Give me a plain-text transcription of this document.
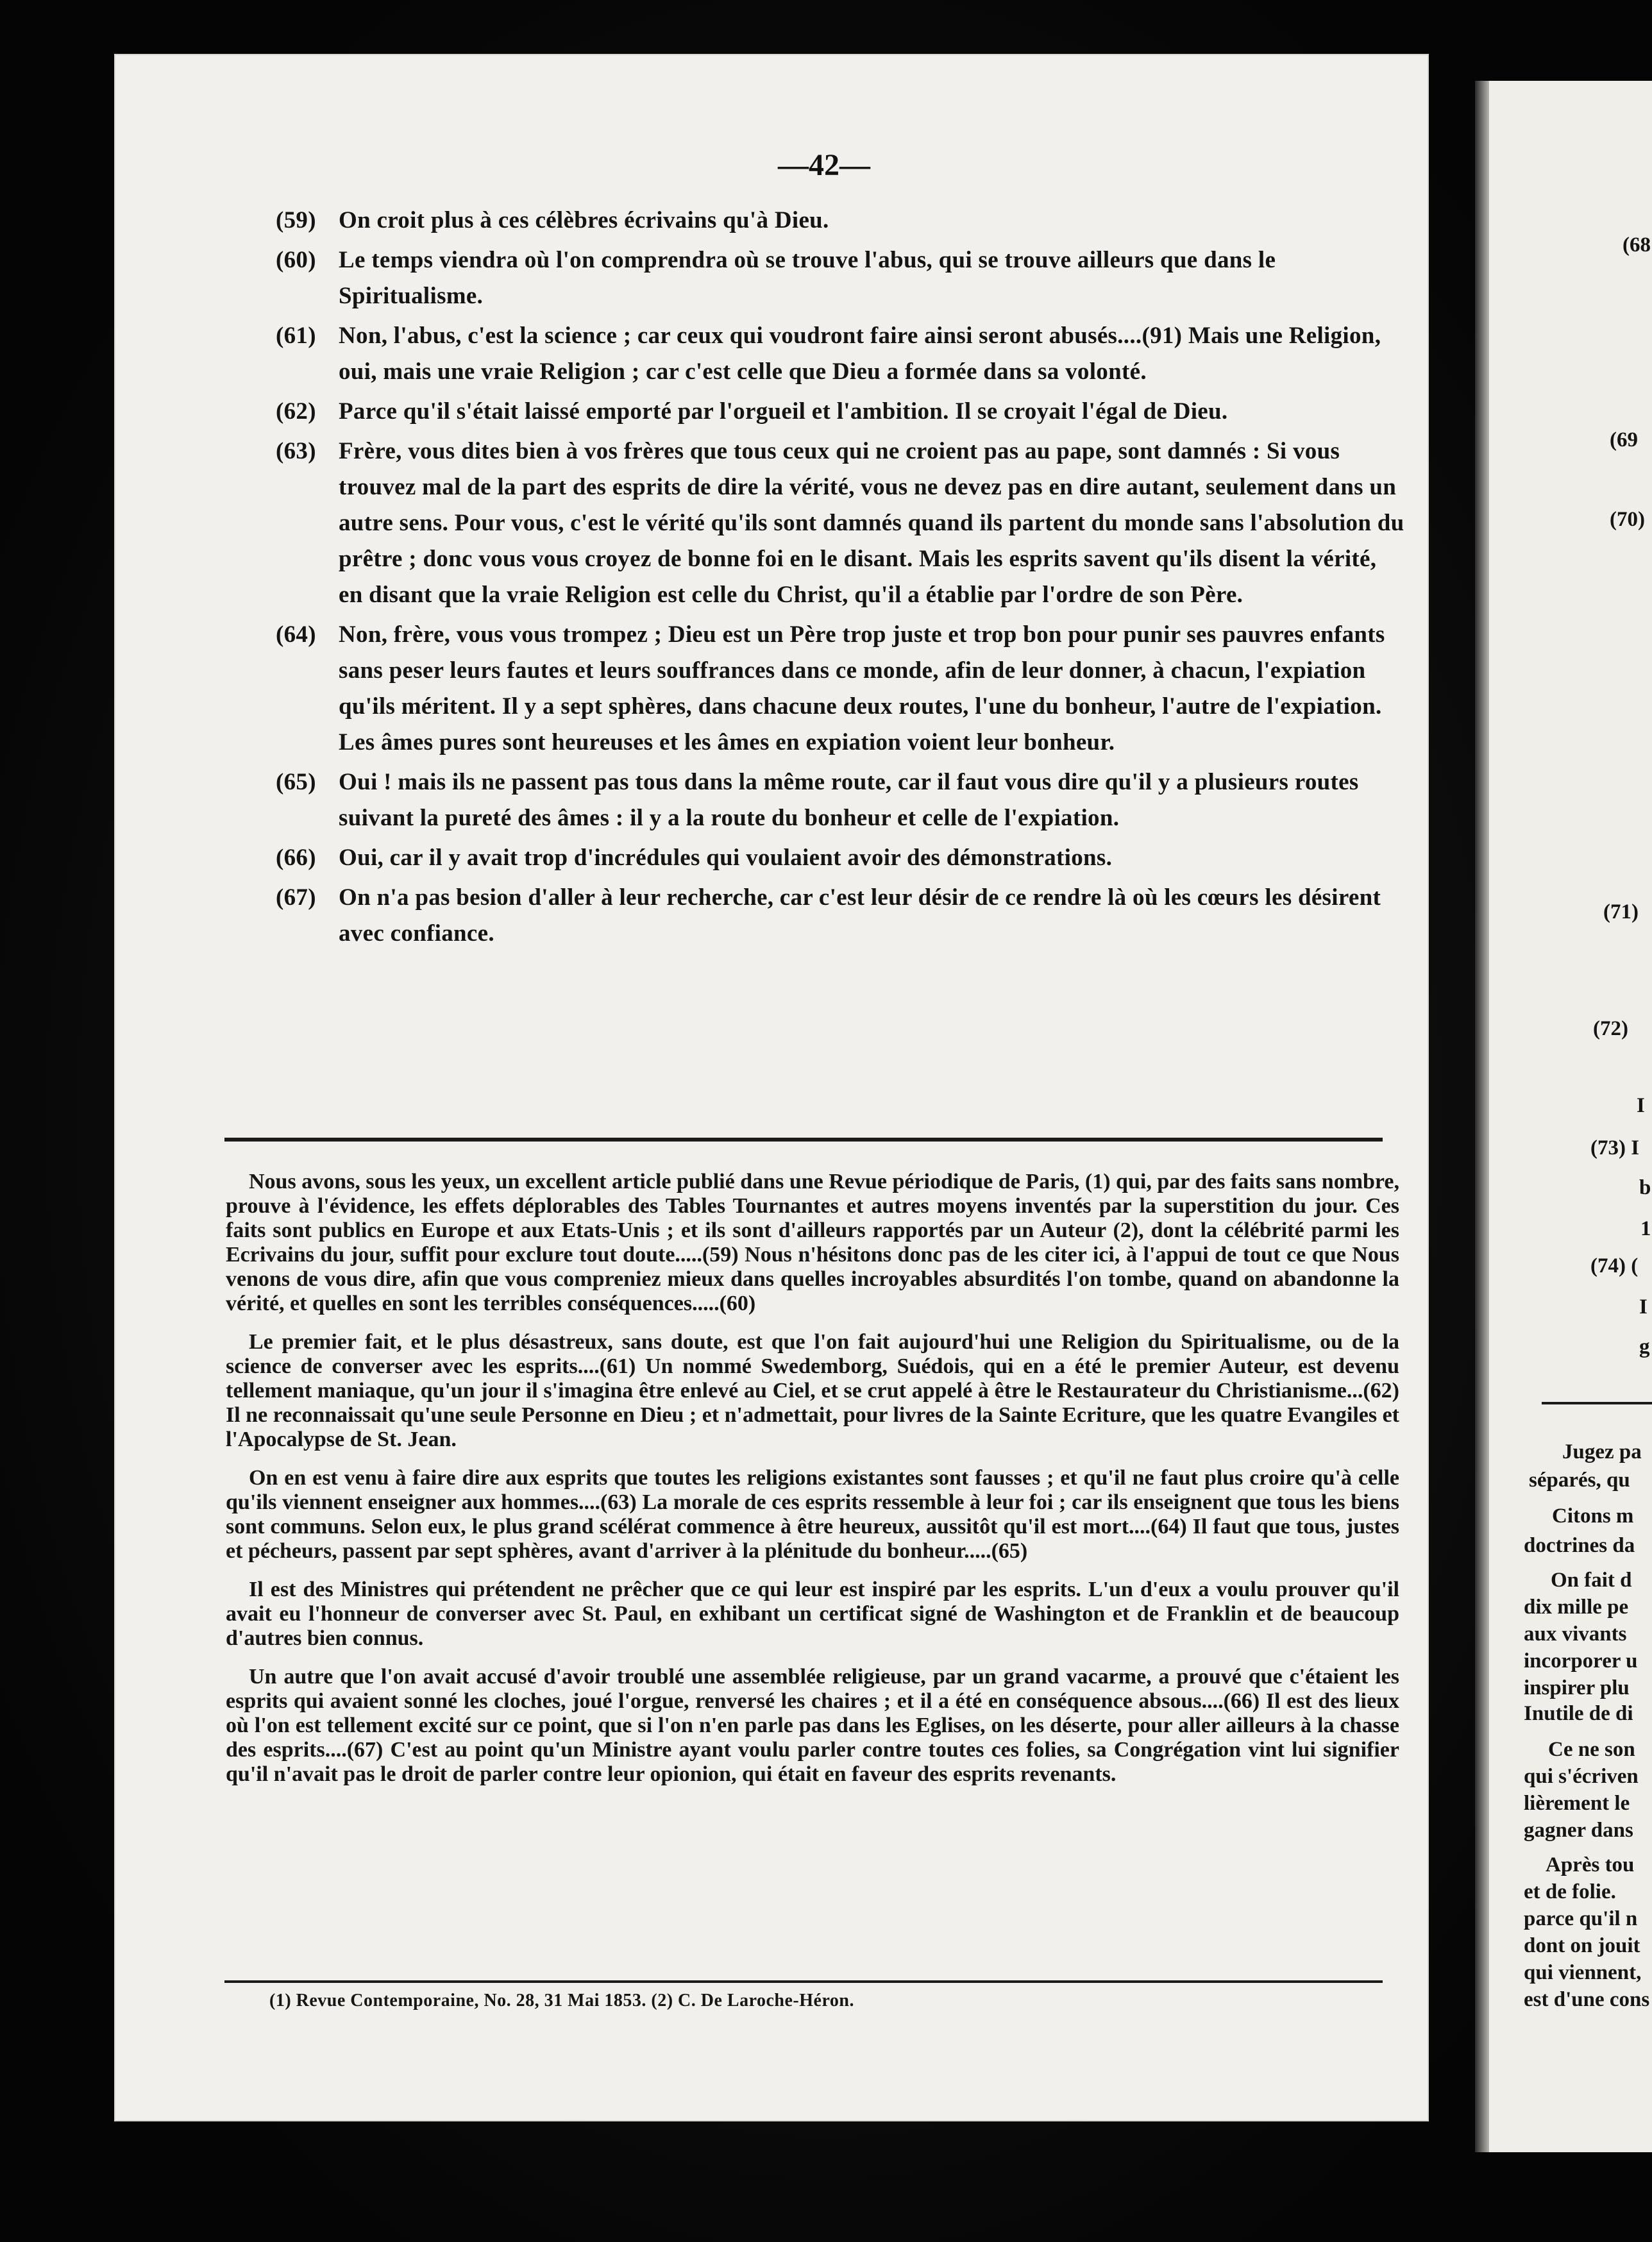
—42—
(59) On croit plus à ces célèbres écrivains qu'à Dieu.
(60) Le temps viendra où l'on comprendra où se trouve l'abus, qui se trouve ailleurs que dans le Spiritualisme.
(61) Non, l'abus, c'est la science ; car ceux qui voudront faire ainsi seront abusés....(91) Mais une Religion, oui, mais une vraie Religion ; car c'est celle que Dieu a formée dans sa volonté.
(62) Parce qu'il s'était laissé emporté par l'orgueil et l'ambition. Il se croyait l'égal de Dieu.
(63) Frère, vous dites bien à vos frères que tous ceux qui ne croient pas au pape, sont damnés : Si vous trouvez mal de la part des esprits de dire la vérité, vous ne devez pas en dire autant, seulement dans un autre sens. Pour vous, c'est le vérité qu'ils sont damnés quand ils partent du monde sans l'absolution du prêtre ; donc vous vous croyez de bonne foi en le disant. Mais les esprits savent qu'ils disent la vérité, en disant que la vraie Religion est celle du Christ, qu'il a établie par l'ordre de son Père.
(64) Non, frère, vous vous trompez ; Dieu est un Père trop juste et trop bon pour punir ses pauvres enfants sans peser leurs fautes et leurs souffrances dans ce monde, afin de leur donner, à chacun, l'expiation qu'ils méritent. Il y a sept sphères, dans chacune deux routes, l'une du bonheur, l'autre de l'expiation. Les âmes pures sont heureuses et les âmes en expiation voient leur bonheur.
(65) Oui ! mais ils ne passent pas tous dans la même route, car il faut vous dire qu'il y a plusieurs routes suivant la pureté des âmes : il y a la route du bonheur et celle de l'expiation.
(66) Oui, car il y avait trop d'incrédules qui voulaient avoir des démonstrations.
(67) On n'a pas besion d'aller à leur recherche, car c'est leur désir de ce rendre là où les cœurs les désirent avec confiance.

Nous avons, sous les yeux, un excellent article publié dans une Revue périodique de Paris, (1) qui, par des faits sans nombre, prouve à l'évidence, les effets déplorables des Tables Tournantes et autres moyens inventés par la superstition du jour. Ces faits sont publics en Europe et aux Etats-Unis ; et ils sont d'ailleurs rapportés par un Auteur (2), dont la célébrité parmi les Ecrivains du jour, suffit pour exclure tout doute.....(59) Nous n'hésitons donc pas de les citer ici, à l'appui de tout ce que Nous venons de vous dire, afin que vous compreniez mieux dans quelles incroyables absurdités l'on tombe, quand on abandonne la vérité, et quelles en sont les terribles conséquences.....(60)

Le premier fait, et le plus désastreux, sans doute, est que l'on fait aujourd'hui une Religion du Spiritualisme, ou de la science de converser avec les esprits....(61) Un nommé Swedemborg, Suédois, qui en a été le premier Auteur, est devenu tellement maniaque, qu'un jour il s'imagina être enlevé au Ciel, et se crut appelé à être le Restaurateur du Christianisme...(62) Il ne reconnaissait qu'une seule Personne en Dieu ; et n'admettait, pour livres de la Sainte Ecriture, que les quatre Evangiles et l'Apocalypse de St. Jean.

On en est venu à faire dire aux esprits que toutes les religions existantes sont fausses ; et qu'il ne faut plus croire qu'à celle qu'ils viennent enseigner aux hommes....(63) La morale de ces esprits ressemble à leur foi ; car ils enseignent que tous les biens sont communs. Selon eux, le plus grand scélérat commence à être heureux, aussitôt qu'il est mort....(64) Il faut que tous, justes et pécheurs, passent par sept sphères, avant d'arriver à la plénitude du bonheur.....(65)

Il est des Ministres qui prétendent ne prêcher que ce qui leur est inspiré par les esprits. L'un d'eux a voulu prouver qu'il avait eu l'honneur de converser avec St. Paul, en exhibant un certificat signé de Washington et de Franklin et de beaucoup d'autres bien connus.

Un autre que l'on avait accusé d'avoir troublé une assemblée religieuse, par un grand vacarme, a prouvé que c'étaient les esprits qui avaient sonné les cloches, joué l'orgue, renversé les chaires ; et il a été en conséquence absous....(66) Il est des lieux où l'on est tellement excité sur ce point, que si l'on n'en parle pas dans les Eglises, on les déserte, pour aller ailleurs à la chasse des esprits....(67) C'est au point qu'un Ministre ayant voulu parler contre toutes ces folies, sa Congrégation vint lui signifier qu'il n'avait pas le droit de parler contre leur opionion, qui était en faveur des esprits revenants.

(1) Revue Contemporaine, No. 28, 31 Mai 1853. (2) C. De Laroche-Héron.
(68
(69
(70)
(71)
(72)
I
(73) I
b
1
(74) (
I
g
Jugez pa
séparés, qu
Citons m
doctrines da
On fait d
dix mille pe
aux vivants
incorporer u
inspirer plu
Inutile de di
Ce ne son
qui s'écriven
lièrement le
gagner dans
Après tou
et de folie.
parce qu'il n
dont on jouit
qui viennent,
est d'une cons
